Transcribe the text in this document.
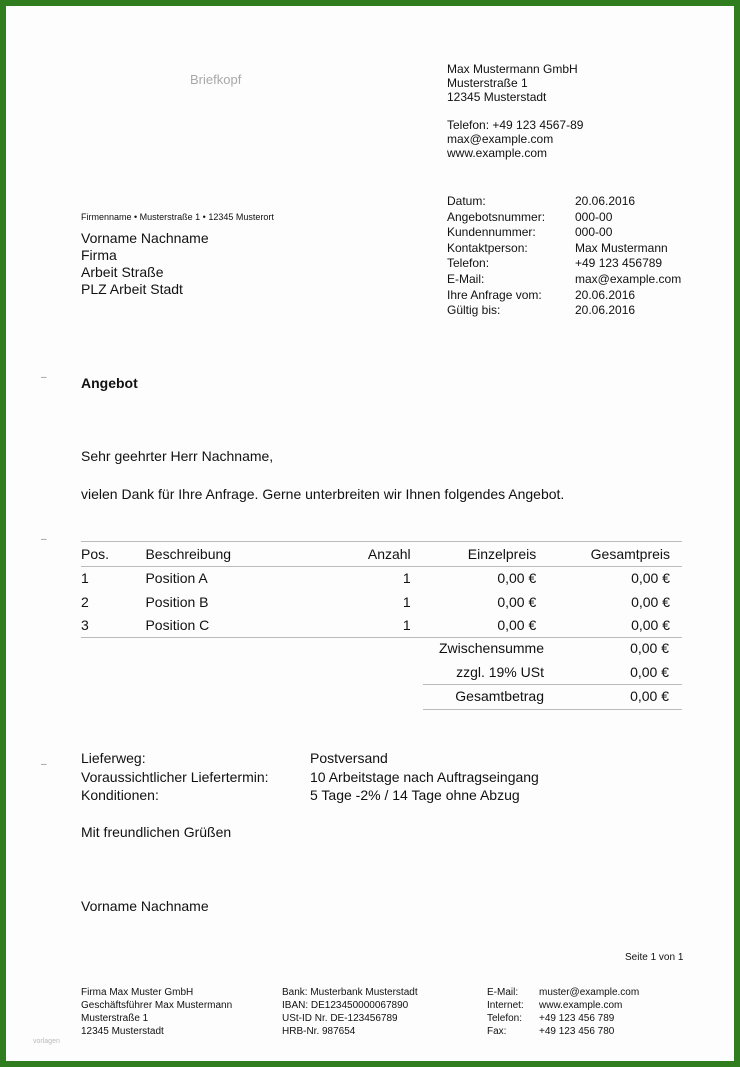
Briefkopf
Max Mustermann GmbH
Musterstraße 1
12345 Musterstadt
Telefon: +49 123 4567-89
max@example.com
www.example.com
Datum:	20.06.2016
Angebotsnummer: 000-00
Kundennummer:	000-00
Kontaktperson:	Max Mustermann
Telefon:	+49 123 456789
E-Mail:	max@example.com
Ihre Anfrage vom:	20.06.2016
Gültig bis:	20.06.2016
Firmenname • Musterstraße 1 • 12345 Musterort
Vorname Nachname
Firma
Arbeit Straße
PLZ Arbeit Stadt
–
–
–
Angebot
Sehr geehrter Herr Nachname,
vielen Dank für Ihre Anfrage. Gerne unterbreiten wir Ihnen folgendes Angebot.
Pos.	Beschreibung	Anzahl	Einzelpreis	Gesamtpreis
1	Position A	1	0,00 €	0,00 €
2	Position B	1	0,00 €	0,00 €
3	Position C	1	0,00 €	0,00 €
Zwischensumme	0,00 €
zzgl. 19% USt	0,00 €
Gesamtbetrag	0,00 €
Lieferweg:	Postversand
Voraussichtlicher Liefertermin:	10 Arbeitstage nach Auftragseingang
Konditionen:	5 Tage -2% / 14 Tage ohne Abzug
Mit freundlichen Grüßen
Vorname Nachname
Seite 1 von 1
Firma Max Muster GmbH
Geschäftsführer Max Mustermann
Musterstraße 1
12345 Musterstadt
Bank: Musterbank Musterstadt
IBAN: DE123450000067890
USt-ID Nr. DE-123456789
HRB-Nr. 987654
E-Mail: muster@example.com
Internet: www.example.com
Telefon: +49 123 456 789
Fax:	+49 123 456 780
vorlagen
